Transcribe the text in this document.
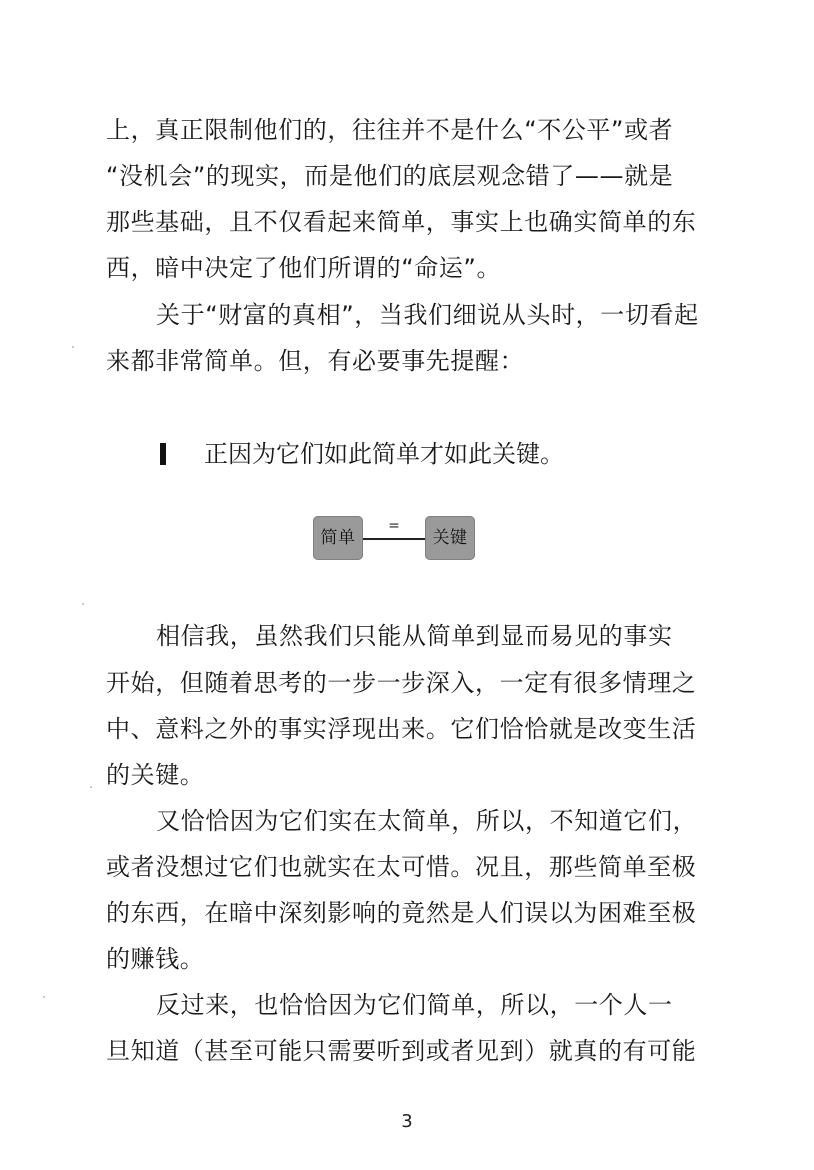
上，真正限制他们的，往往并不是什么“不公平”或者
“没机会”的现实，而是他们的底层观念错了——就是
那些基础，且不仅看起来简单，事实上也确实简单的东
西，暗中决定了他们所谓的“命运”。
关于“财富的真相”，当我们细说从头时，一切看起
来都非常简单。但，有必要事先提醒：
正因为它们如此简单才如此关键。
简单
=
关键
相信我，虽然我们只能从简单到显而易见的事实
开始，但随着思考的一步一步深入，一定有很多情理之
中、意料之外的事实浮现出来。它们恰恰就是改变生活
的关键。
又恰恰因为它们实在太简单，所以，不知道它们，
或者没想过它们也就实在太可惜。况且，那些简单至极
的东西，在暗中深刻影响的竟然是人们误以为困难至极
的赚钱。
反过来，也恰恰因为它们简单，所以，一个人一
旦知道（甚至可能只需要听到或者见到）就真的有可能
3
